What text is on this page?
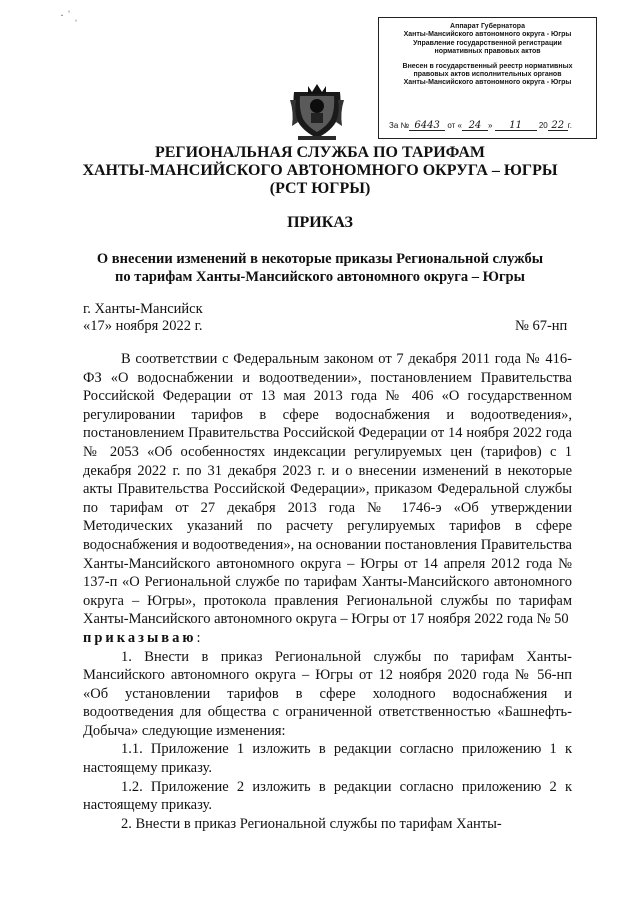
· ˈ ˌ
Аппарат Губернатора
Ханты-Мансийского автономного округа - Югры
Управление государственной регистрации
нормативных правовых актов
Внесен в государственный реестр нормативных
правовых актов исполнительных органов
Ханты-Мансийского автономного округа - Югры
За № 6443 от « 24 » 11 20 22 г.
РЕГИОНАЛЬНАЯ СЛУЖБА ПО ТАРИФАМ
ХАНТЫ-МАНСИЙСКОГО АВТОНОМНОГО ОКРУГА – ЮГРЫ
(РСТ ЮГРЫ)
ПРИКАЗ
О внесении изменений в некоторые приказы Региональной службы
по тарифам Ханты-Мансийского автономного округа – Югры
г. Ханты-Мансийск
«17» ноября 2022 г.	№ 67-нп

В соответствии с Федеральным законом от 7 декабря 2011 года № 416-ФЗ «О водоснабжении и водоотведении», постановлением Правительства Российской Федерации от 13 мая 2013 года № 406 «О государственном регулировании тарифов в сфере водоснабжения и водоотведения», постановлением Правительства Российской Федерации от 14 ноября 2022 года № 2053 «Об особенностях индексации регулируемых цен (тарифов) с 1 декабря 2022 г. по 31 декабря 2023 г. и о внесении изменений в некоторые акты Правительства Российской Федерации», приказом Федеральной службы по тарифам от 27 декабря 2013 года № 1746-э «Об утверждении Методических указаний по расчету регулируемых тарифов в сфере водоснабжения и водоотведения», на основании постановления Правительства Ханты-Мансийского автономного округа – Югры от 14 апреля 2012 года № 137-п «О Региональной службе по тарифам Ханты-Мансийского автономного округа – Югры», протокола правления Региональной службы по тарифам Ханты-Мансийского автономного округа – Югры от 17 ноября 2022 года № 50

приказываю:

1. Внести в приказ Региональной службы по тарифам Ханты-Мансийского автономного округа – Югры от 12 ноября 2020 года № 56-нп «Об установлении тарифов в сфере холодного водоснабжения и водоотведения для общества с ограниченной ответственностью «Башнефть-Добыча» следующие изменения:

1.1. Приложение 1 изложить в редакции согласно приложению 1 к настоящему приказу.

1.2. Приложение 2 изложить в редакции согласно приложению 2 к настоящему приказу.

2. Внести в приказ Региональной службы по тарифам Ханты-
